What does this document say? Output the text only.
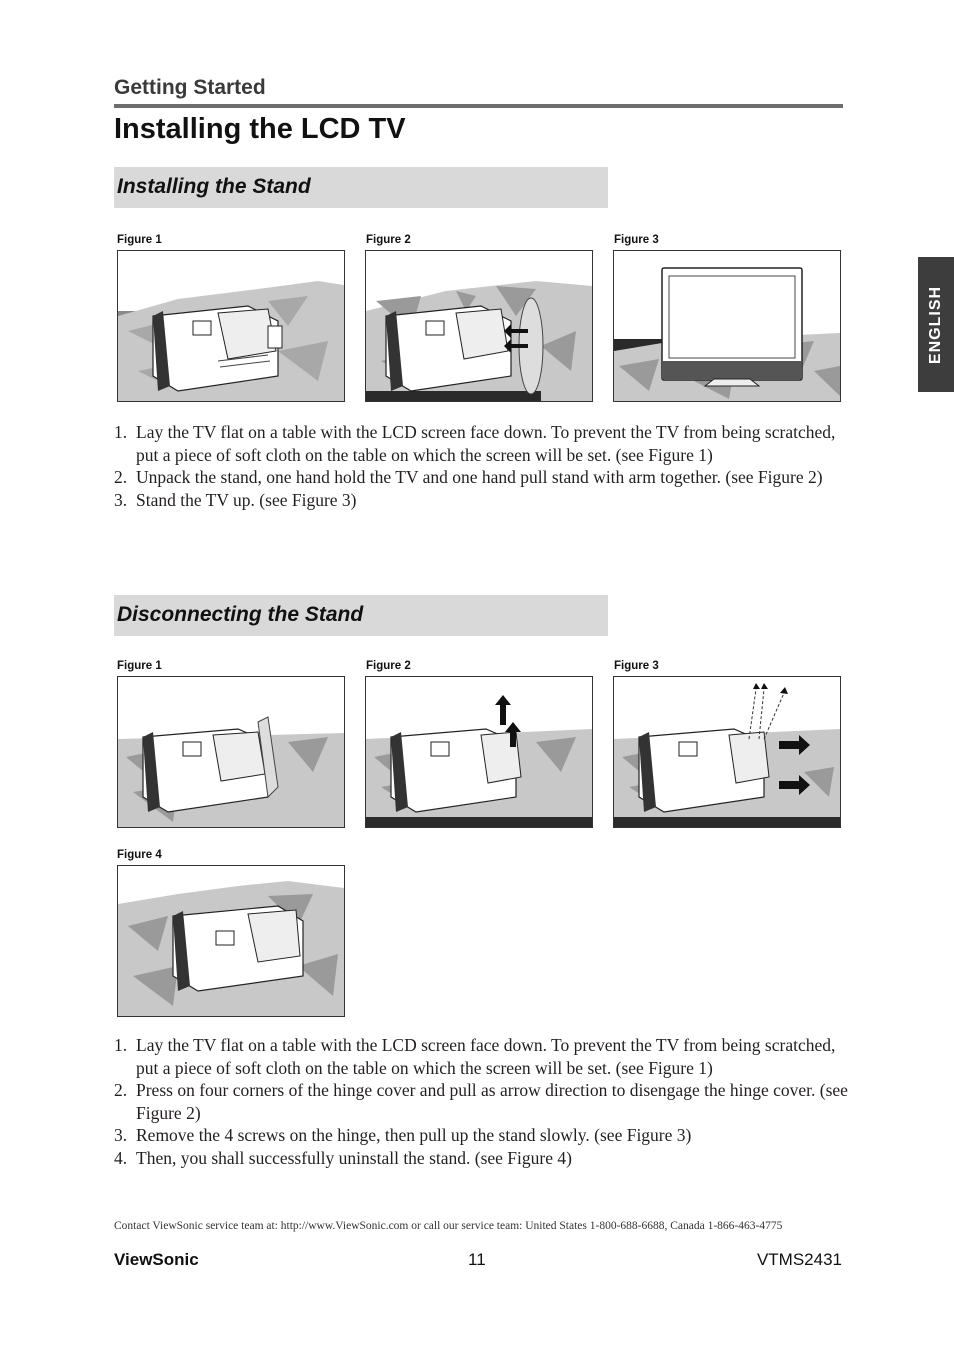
Getting Started
Installing the LCD TV
ENGLISH
Installing the Stand
Figure 1	Figure 2	Figure 3
1. Lay the TV flat on a table with the LCD screen face down. To prevent the TV from being scratched, put a piece of soft cloth on the table on which the screen will be set. (see Figure 1)
2. Unpack the stand, one hand hold the TV and one hand pull stand with arm together. (see Figure 2)
3. Stand the TV up. (see Figure 3)
Disconnecting the Stand
Figure 1	Figure 2	Figure 3
Figure 4
1. Lay the TV flat on a table with the LCD screen face down. To prevent the TV from being scratched, put a piece of soft cloth on the table on which the screen will be set. (see Figure 1)
2. Press on four corners of the hinge cover and pull as arrow direction to disengage the hinge cover. (see Figure 2)
3. Remove the 4 screws on the hinge, then pull up the stand slowly. (see Figure 3)
4. Then, you shall successfully uninstall the stand. (see Figure 4)
Contact ViewSonic service team at: http://www.ViewSonic.com or call our service team: United States 1-800-688-6688, Canada 1-866-463-4775
ViewSonic	11	VTMS2431
